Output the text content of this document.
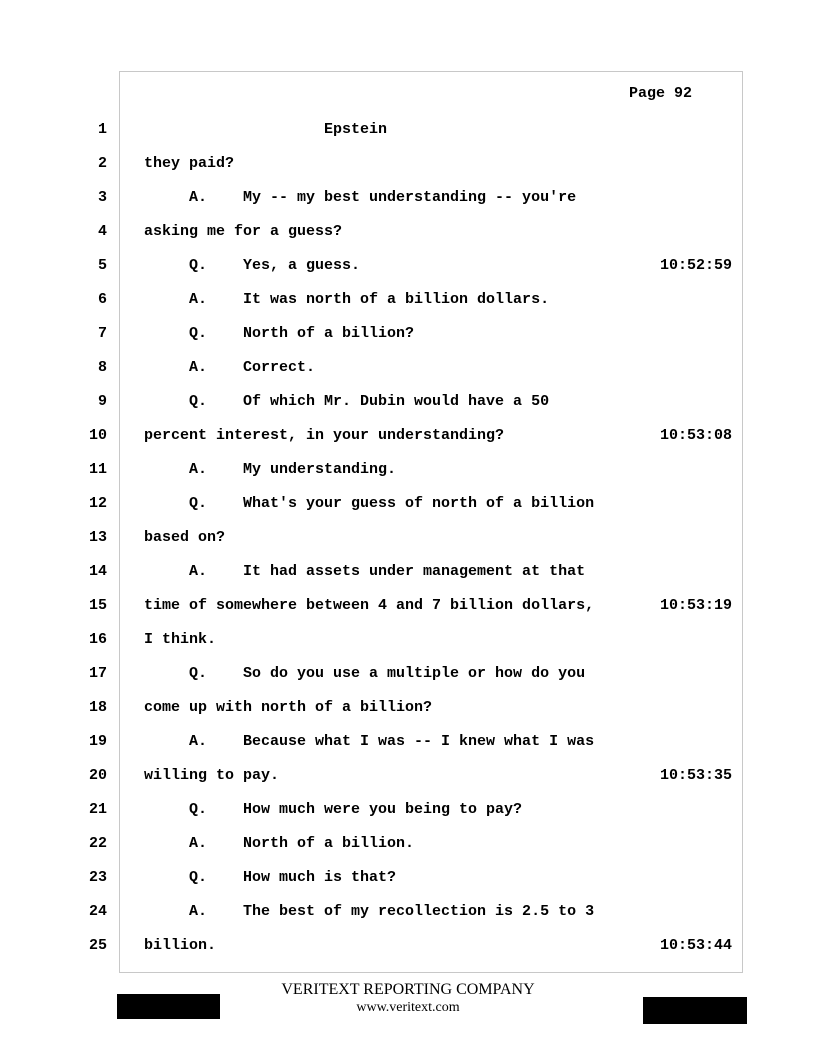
Page 92
1 Epstein
2 they paid?
3 A.    My -- my best understanding -- you're
4 asking me for a guess?
5 Q.    Yes, a guess.	10:52:59
6 A.    It was north of a billion dollars.
7 Q.    North of a billion?
8 A.    Correct.
9 Q.    Of which Mr. Dubin would have a 50
10 percent interest, in your understanding?	10:53:08
11 A.    My understanding.
12 Q.    What's your guess of north of a billion
13 based on?
14 A.    It had assets under management at that
15 time of somewhere between 4 and 7 billion dollars,	10:53:19
16 I think.
17 Q.    So do you use a multiple or how do you
18 come up with north of a billion?
19 A.    Because what I was -- I knew what I was
20 willing to pay.	10:53:35
21 Q.    How much were you being to pay?
22 A.    North of a billion.
23 Q.    How much is that?
24 A.    The best of my recollection is 2.5 to 3
25 billion.	10:53:44
VERITEXT REPORTING COMPANY
www.veritext.com
